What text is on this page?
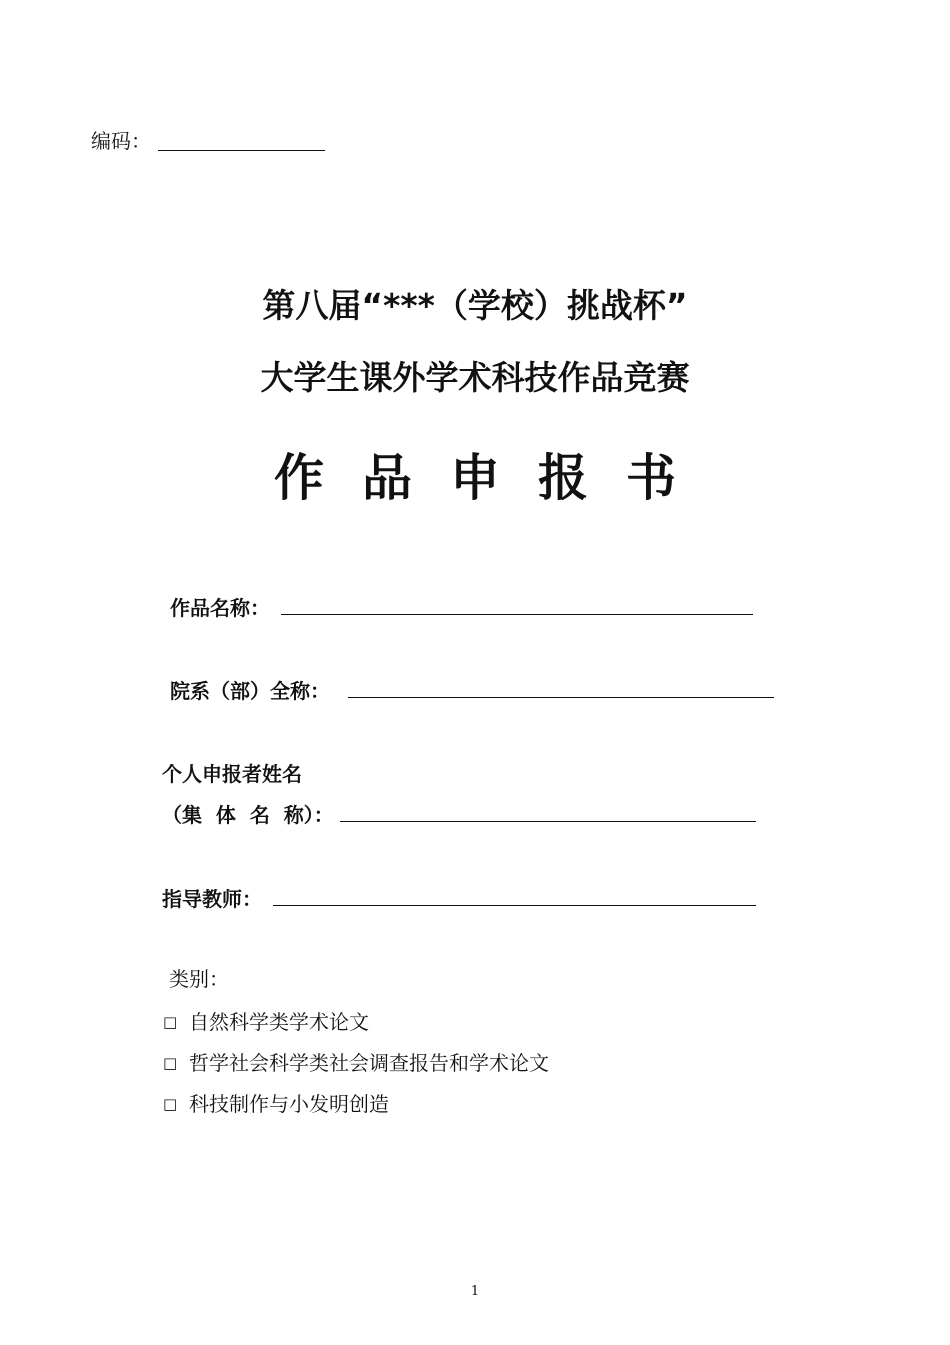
编码：
第八届“***（学校）挑战杯”
大学生课外学术科技作品竞赛
作品申报书
作品名称：
院系（部）全称：
个人申报者姓名
（集  体  名  称）：
指导教师：
类别：
□ 自然科学类学术论文
□ 哲学社会科学类社会调查报告和学术论文
□ 科技制作与小发明创造
1
